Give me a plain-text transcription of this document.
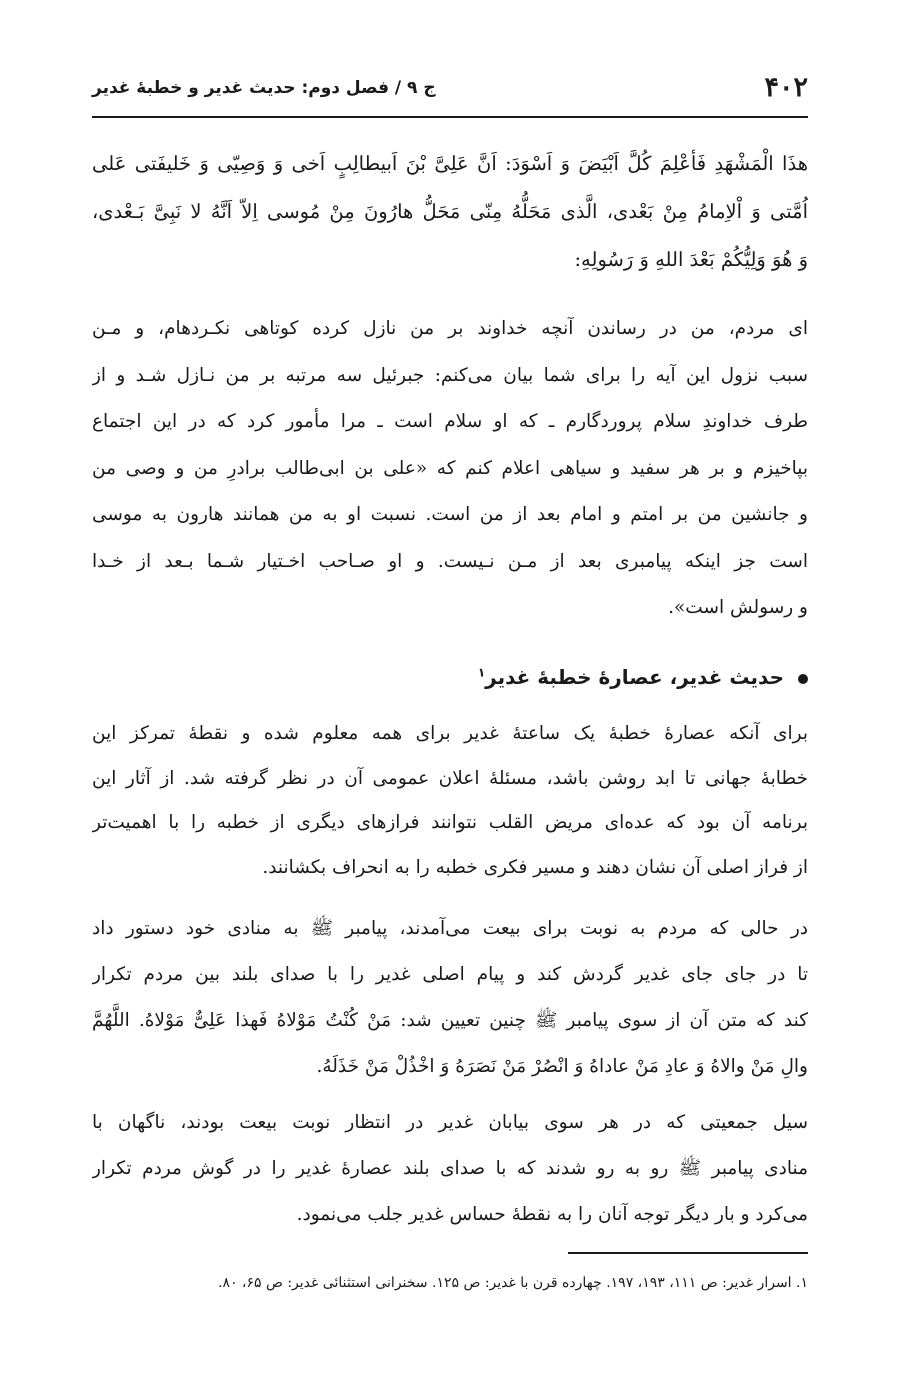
۴۰۲
ج ۹ / فصل دوم: حدیث غدیر و خطبهٔ غدیر
هذَا الْمَشْهَدِ فَأعْلِمَ کُلَّ اَبْیَضَ وَ اَسْوَدَ: اَنَّ عَلِیَّ بْنَ اَبیطالِبٍ اَخی وَ وَصِیّی وَ خَلیفَتی عَلی
اُمَّتی وَ اْلاِمامُ مِنْ بَعْدی، الَّذی مَحَلُّهُ مِنّی مَحَلُّ هارُونَ مِنْ مُوسی اِلاّ اَنَّهُ لا نَبِیَّ بَـعْدی،
وَ هُوَ وَلِیُّکُمْ بَعْدَ اللهِ وَ رَسُولِهِ:
ای مردم، من در رساندن آنچه خداوند بر من نازل کرده کوتاهی نکـردهام، و مـن
سبب نزول این آیه را برای شما بیان می‌کنم: جبرئیل سه مرتبه بر من نـازل شـد و از
طرف خداوندِ سلام پروردگارم ـ که او سلام است ـ مرا مأمور کرد که در این اجتماع
بپاخیزم و بر هر سفید و سیاهی اعلام کنم که «علی بن ابی‌طالب برادرِ من و وصی من
و جانشین من بر امتم و امام بعد از من است. نسبت او به من همانند هارون به موسی
است جز اینکه پیامبری بعد از مـن نـیست. و او صـاحب اخـتیار شـما بـعد از خـدا
و رسولش است».
حدیث غدیر، عصارهٔ خطبهٔ غدیر$^۱$
برای آنکه عصارهٔ خطبهٔ یک ساعتهٔ غدیر برای همه معلوم شده و نقطهٔ تمرکز این
خطابهٔ جهانی تا ابد روشن باشد، مسئلهٔ اعلان عمومی آن در نظر گرفته شد. از آثار این
برنامه آن بود که عده‌ای مریض القلب نتوانند فرازهای دیگری از خطبه را با اهمیت‌تر
از فراز اصلی آن نشان دهند و مسیر فکری خطبه را به انحراف بکشانند.
در حالی که مردم به نوبت برای بیعت می‌آمدند، پیامبر ﷺ به منادی خود دستور داد
تا در جای جای غدیر گردش کند و پیام اصلی غدیر را با صدای بلند بین مردم تکرار
کند که متن آن از سوی پیامبر ﷺ چنین تعیین شد: مَنْ کُنْتُ مَوْلاهُ فَهذا عَلِیٌّ مَوْلاهُ. اللَّهُمَّ
والِ مَنْ والاهُ وَ عادِ مَنْ عاداهُ وَ انْصُرْ مَنْ نَصَرَهُ وَ اخْذُلْ مَنْ خَذَلَهُ.
سیل جمعیتی که در هر سوی بیابان غدیر در انتظار نوبت بیعت بودند، ناگهان با
منادی پیامبر ﷺ رو به رو شدند که با صدای بلند عصارهٔ غدیر را در گوش مردم تکرار
می‌کرد و بار دیگر توجه آنان را به نقطهٔ حساس غدیر جلب می‌نمود.
۱. اسرار غدیر: ص ۱۱۱، ۱۹۳، ۱۹۷. چهارده قرن با غدیر: ص ۱۲۵. سخنرانی استثنائی غدیر: ص ۶۵، ۸۰.
